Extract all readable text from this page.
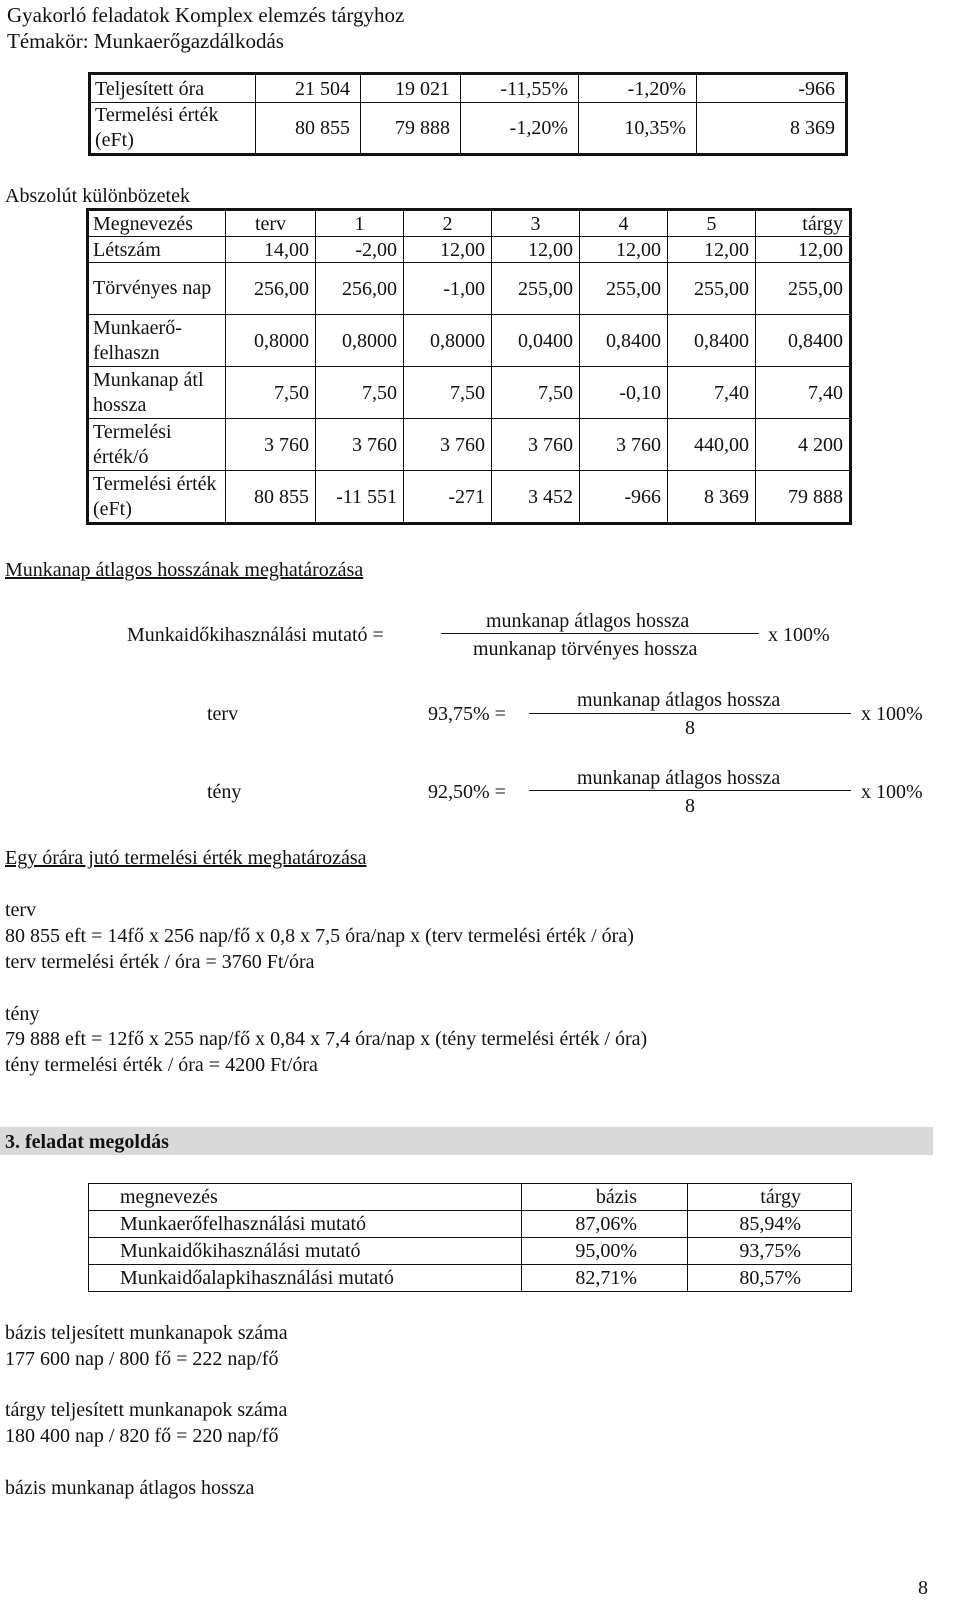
Gyakorló feladatok Komplex elemzés tárgyhoz
Témakör: Munkaerőgazdálkodás
Teljesített óra	21 504	19 021	-11,55%	-1,20%	-966
Termelési érték (eFt)	80 855	79 888	-1,20%	10,35%	8 369
Abszolút különbözetek
Megnevezés	terv	1	2	3	4	5	tárgy
Létszám	14,00	-2,00	12,00	12,00	12,00	12,00	12,00
Törvényes nap	256,00	256,00	-1,00	255,00	255,00	255,00	255,00
Munkaerő-felhaszn	0,8000	0,8000	0,8000	0,0400	0,8400	0,8400	0,8400
Munkanap átl hossza	7,50	7,50	7,50	7,50	-0,10	7,40	7,40
Termelési érték/ó	3 760	3 760	3 760	3 760	3 760	440,00	4 200
Termelési érték (eFt)	80 855	-11 551	-271	3 452	-966	8 369	79 888
Munkanap átlagos hosszának meghatározása
Munkaidőkihasználási mutató =
munkanap átlagos hossza
munkanap törvényes hossza
x 100%
terv	93,75% =
munkanap átlagos hossza
8
x 100%
tény	92,50% =
munkanap átlagos hossza
8
x 100%
Egy órára jutó termelési érték meghatározása
terv
80 855 eft = 14fő x 256 nap/fő x 0,8 x 7,5 óra/nap x (terv termelési érték / óra)
terv termelési érték / óra = 3760 Ft/óra
tény
79 888 eft = 12fő x 255 nap/fő x 0,84 x 7,4 óra/nap x (tény termelési érték / óra)
tény termelési érték / óra = 4200 Ft/óra
3. feladat megoldás
megnevezés	bázis	tárgy
Munkaerőfelhasználási mutató	87,06%	85,94%
Munkaidőkihasználási mutató	95,00%	93,75%
Munkaidőalapkihasználási mutató	82,71%	80,57%
bázis teljesített munkanapok száma
177 600 nap / 800 fő = 222 nap/fő
tárgy teljesített munkanapok száma
180 400 nap / 820 fő = 220 nap/fő
bázis munkanap átlagos hossza
8
